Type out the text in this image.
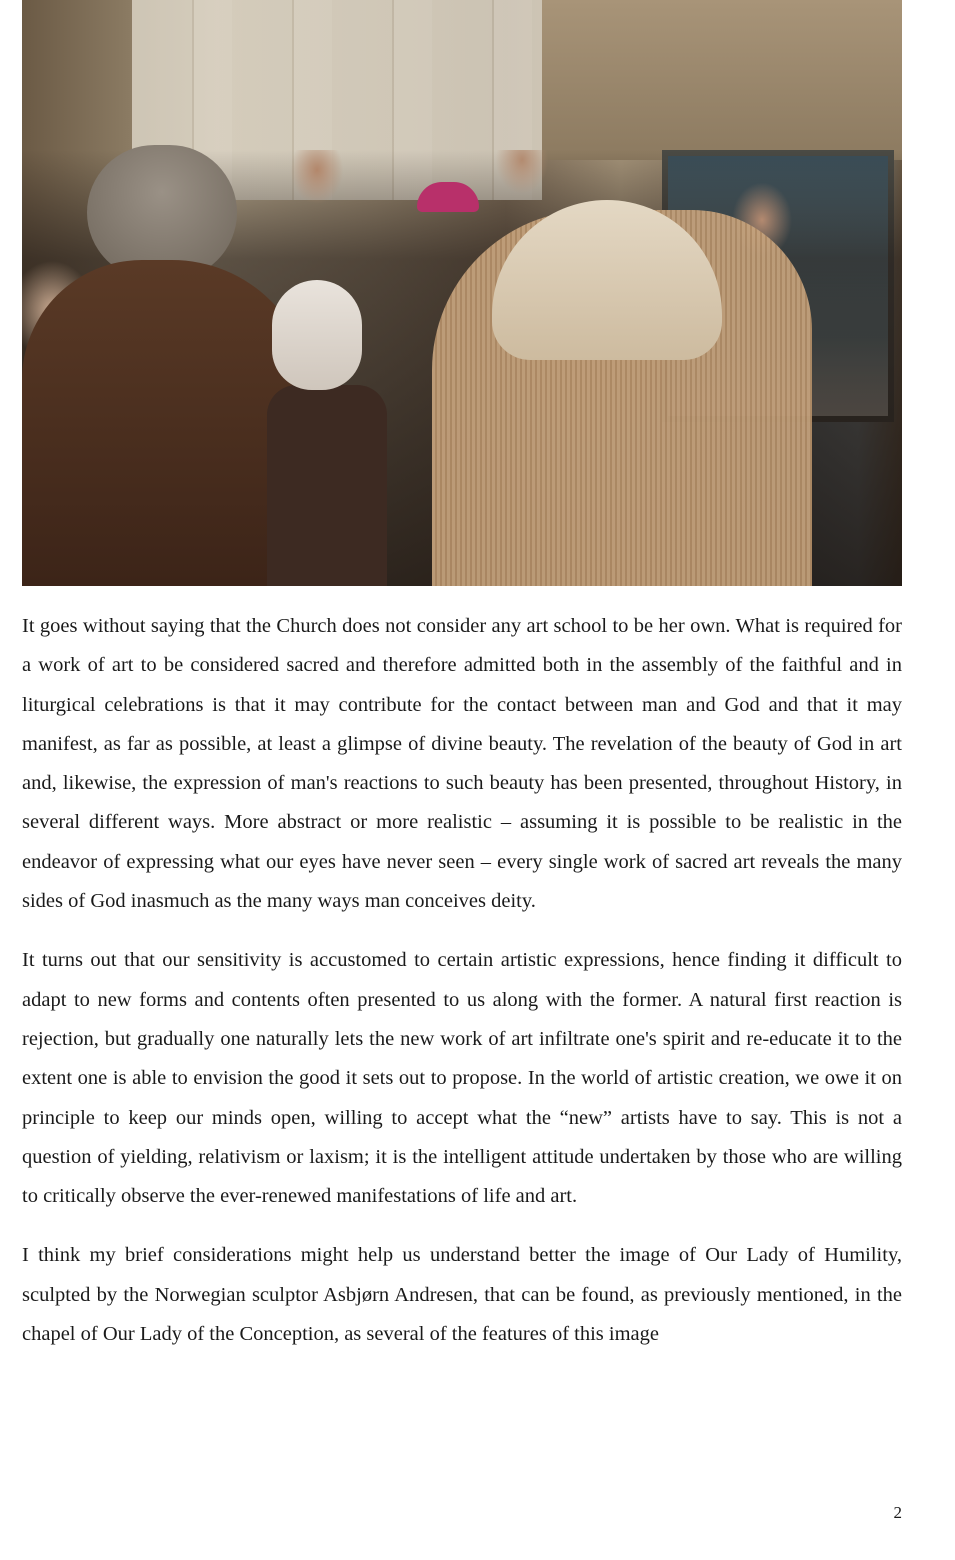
It goes without saying that the Church does not consider any art school to be her own. What is required for a work of art to be considered sacred and therefore admitted both in the assembly of the faithful and in liturgical celebrations is that it may contribute for the contact between man and God and that it may manifest, as far as possible, at least a glimpse of divine beauty. The revelation of the beauty of God in art and, likewise, the expression of man's reactions to such beauty has been presented, throughout History, in several different ways. More abstract or more realistic – assuming it is possible to be realistic in the endeavor of expressing what our eyes have never seen – every single work of sacred art reveals the many sides of God inasmuch as the many ways man conceives deity.

It turns out that our sensitivity is accustomed to certain artistic expressions, hence finding it difficult to adapt to new forms and contents often presented to us along with the former. A natural first reaction is rejection, but gradually one naturally lets the new work of art infiltrate one's spirit and re-educate it to the extent one is able to envision the good it sets out to propose. In the world of artistic creation, we owe it on principle to keep our minds open, willing to accept what the “new” artists have to say. This is not a question of yielding, relativism or laxism; it is the intelligent attitude undertaken by those who are willing to critically observe the ever-renewed manifestations of life and art.

I think my brief considerations might help us understand better the image of Our Lady of Humility, sculpted by the Norwegian sculptor Asbjørn Andresen, that can be found, as previously mentioned, in the chapel of Our Lady of the Conception, as several of the features of this image

2
